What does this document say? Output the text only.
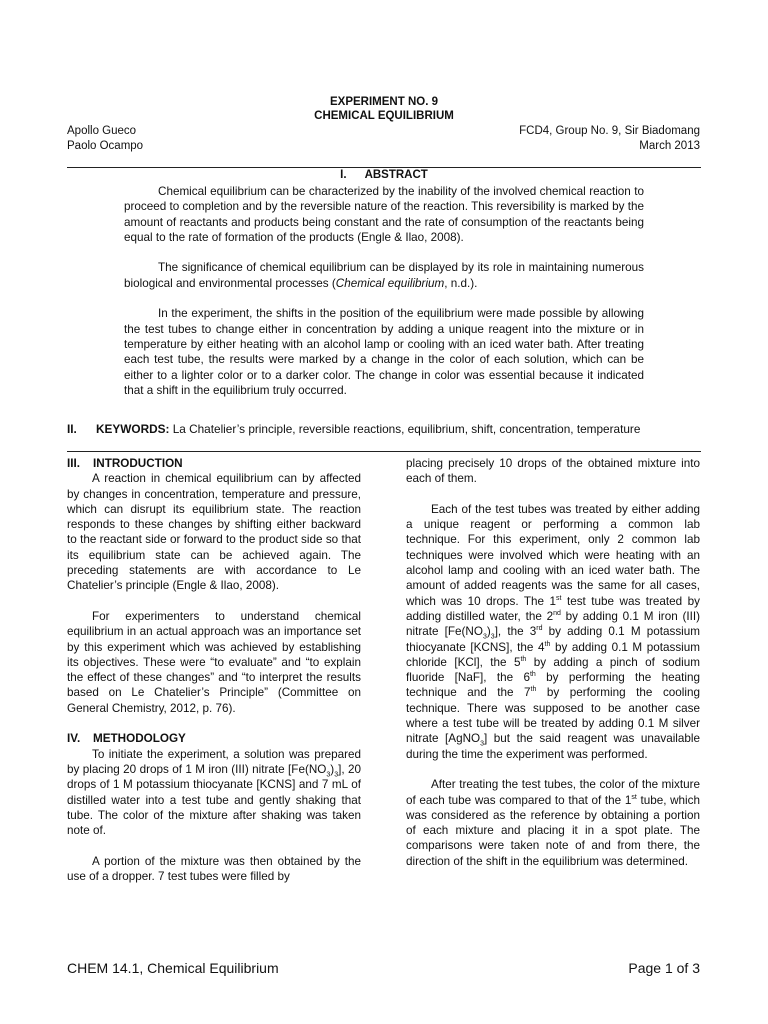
EXPERIMENT NO. 9
CHEMICAL EQUILIBRIUM
Apollo Gueco
Paolo Ocampo
FCD4, Group No. 9, Sir Biadomang
March 2013
I. ABSTRACT

Chemical equilibrium can be characterized by the inability of the involved chemical reaction to proceed to completion and by the reversible nature of the reaction. This reversibility is marked by the amount of reactants and products being constant and the rate of consumption of the reactants being equal to the rate of formation of the products (Engle & Ilao, 2008).

The significance of chemical equilibrium can be displayed by its role in maintaining numerous biological and environmental processes (Chemical equilibrium, n.d.).

In the experiment, the shifts in the position of the equilibrium were made possible by allowing the test tubes to change either in concentration by adding a unique reagent into the mixture or in temperature by either heating with an alcohol lamp or cooling with an iced water bath. After treating each test tube, the results were marked by a change in the color of each solution, which can be either to a lighter color or to a darker color. The change in color was essential because it indicated that a shift in the equilibrium truly occurred.

II. KEYWORDS: La Chatelier’s principle, reversible reactions, equilibrium, shift, concentration, temperature
III. INTRODUCTION

A reaction in chemical equilibrium can by affected by changes in concentration, temperature and pressure, which can disrupt its equilibrium state. The reaction responds to these changes by shifting either backward to the reactant side or forward to the product side so that its equilibrium state can be achieved again. The preceding statements are with accordance to Le Chatelier’s principle (Engle & Ilao, 2008).

For experimenters to understand chemical equilibrium in an actual approach was an importance set by this experiment which was achieved by establishing its objectives. These were “to evaluate” and “to explain the effect of these changes” and “to interpret the results based on Le Chatelier’s Principle” (Committee on General Chemistry, 2012, p. 76).

IV. METHODOLOGY

To initiate the experiment, a solution was prepared by placing 20 drops of 1 M iron (III) nitrate $[Fe(NO_3)_3]$, 20 drops of 1 M potassium thiocyanate [KCNS] and 7 mL of distilled water into a test tube and gently shaking that tube. The color of the mixture after shaking was taken note of.

A portion of the mixture was then obtained by the use of a dropper. 7 test tubes were filled by

placing precisely 10 drops of the obtained mixture into each of them.

Each of the test tubes was treated by either adding a unique reagent or performing a common lab technique. For this experiment, only 2 common lab techniques were involved which were heating with an alcohol lamp and cooling with an iced water bath. The amount of added reagents was the same for all cases, which was 10 drops. The 1st test tube was treated by adding distilled water, the 2nd by adding 0.1 M iron (III) nitrate $[Fe(NO_3)_3]$, the 3rd by adding 0.1 M potassium thiocyanate [KCNS], the 4th by adding 0.1 M potassium chloride [KCl], the 5th by adding a pinch of sodium fluoride [NaF], the 6th by performing the heating technique and the 7th by performing the cooling technique. There was supposed to be another case where a test tube will be treated by adding 0.1 M silver nitrate [AgNO$_3$] but the said reagent was unavailable during the time the experiment was performed.

After treating the test tubes, the color of the mixture of each tube was compared to that of the 1st tube, which was considered as the reference by obtaining a portion of each mixture and placing it in a spot plate. The comparisons were taken note of and from there, the direction of the shift in the equilibrium was determined.

CHEM 14.1, Chemical Equilibrium	Page 1 of 3
